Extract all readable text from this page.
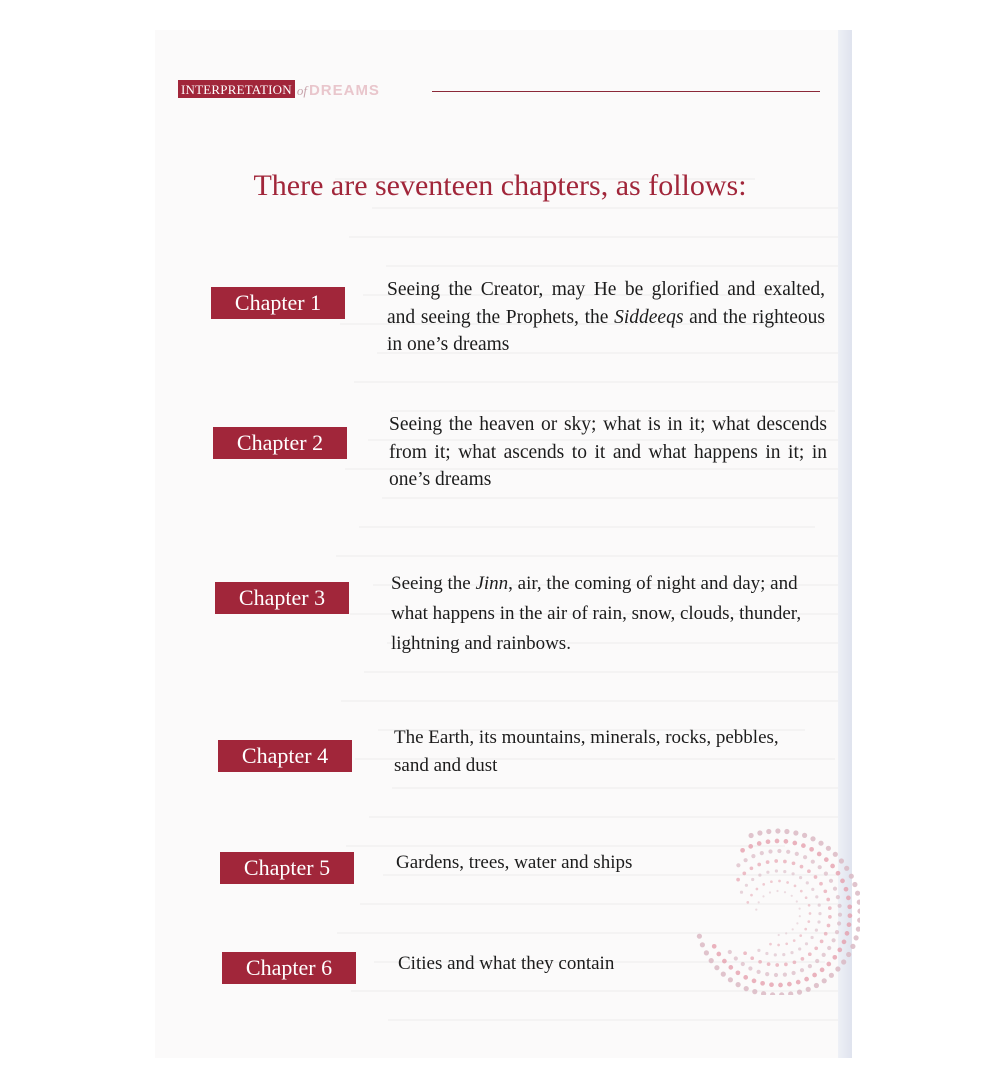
INTERPRETATION of DREAMS
There are seventeen chapters, as follows:
Chapter 1
Seeing the Creator, may He be glorified and exalted, and seeing the Prophets, the Siddeeqs and the righteous in one’s dreams
Chapter 2
Seeing the heaven or sky; what is in it; what descends from it; what ascends to it and what happens in it; in one’s dreams
Chapter 3
Seeing the Jinn, air, the coming of night and day; and what happens in the air of rain, snow, clouds, thunder, lightning and rainbows.
Chapter 4
The Earth, its mountains, minerals, rocks, pebbles, sand and dust
Chapter 5	Gardens, trees, water and ships
Chapter 6	Cities and what they contain
